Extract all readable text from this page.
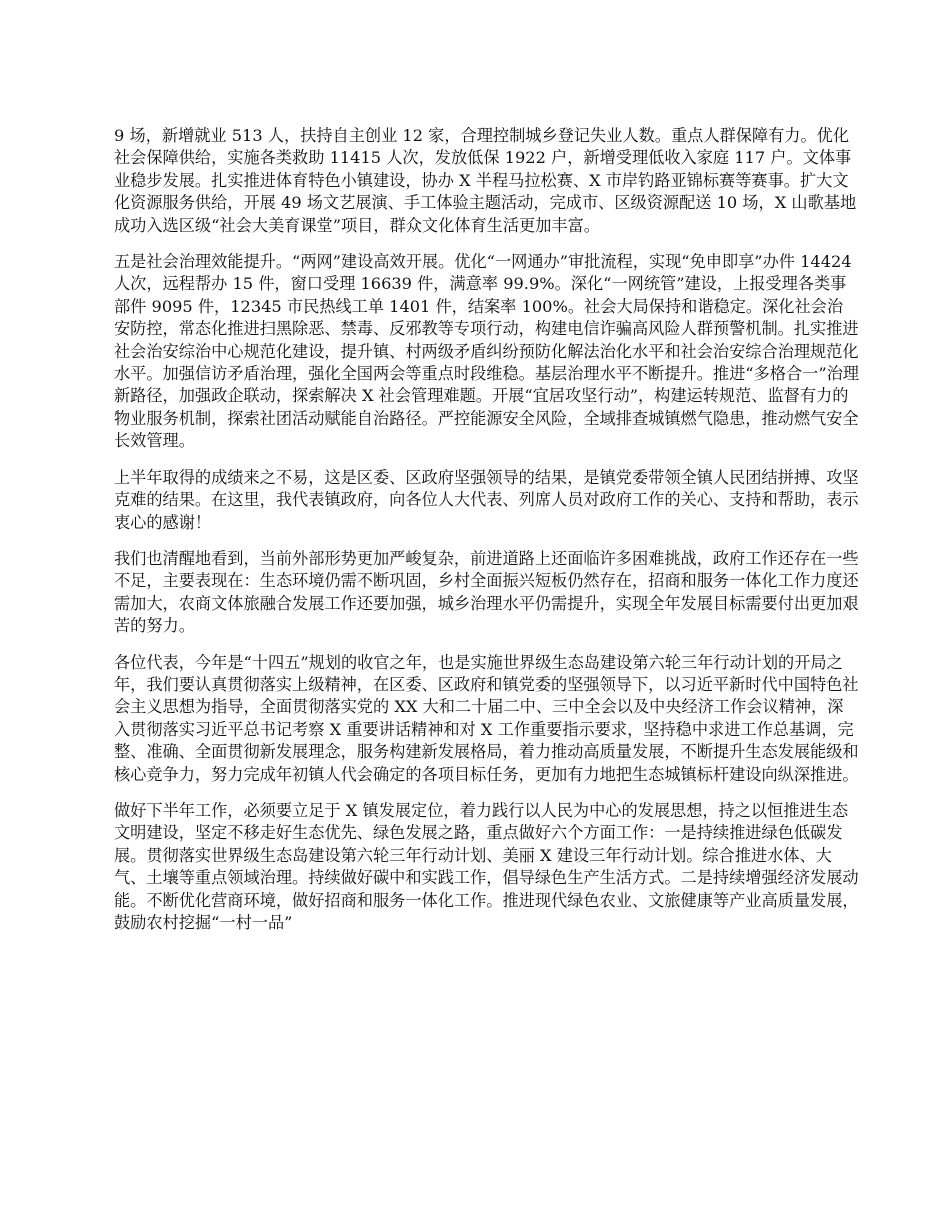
9 场，新增就业 513 人，扶持自主创业 12 家，合理控制城乡登记失业人数。重点人群保障有力。优化社会保障供给，实施各类救助 11415 人次，发放低保 1922 户，新增受理低收入家庭 117 户。文体事业稳步发展。扎实推进体育特色小镇建设，协办 X 半程马拉松赛、X 市岸钓路亚锦标赛等赛事。扩大文化资源服务供给，开展 49 场文艺展演、手工体验主题活动，完成市、区级资源配送 10 场，X 山歌基地成功入选区级“社会大美育课堂”项目，群众文化体育生活更加丰富。

五是社会治理效能提升。“两网”建设高效开展。优化“一网通办”审批流程，实现“免申即享”办件 14424 人次，远程帮办 15 件，窗口受理 16639 件，满意率 99.9%。深化“一网统管”建设，上报受理各类事部件 9095 件，12345 市民热线工单 1401 件，结案率 100%。社会大局保持和谐稳定。深化社会治安防控，常态化推进扫黑除恶、禁毒、反邪教等专项行动，构建电信诈骗高风险人群预警机制。扎实推进社会治安综治中心规范化建设，提升镇、村两级矛盾纠纷预防化解法治化水平和社会治安综合治理规范化水平。加强信访矛盾治理，强化全国两会等重点时段维稳。基层治理水平不断提升。推进“多格合一”治理新路径，加强政企联动，探索解决 X 社会管理难题。开展“宜居攻坚行动”，构建运转规范、监督有力的物业服务机制，探索社团活动赋能自治路径。严控能源安全风险，全域排查城镇燃气隐患，推动燃气安全长效管理。

上半年取得的成绩来之不易，这是区委、区政府坚强领导的结果，是镇党委带领全镇人民团结拼搏、攻坚克难的结果。在这里，我代表镇政府，向各位人大代表、列席人员对政府工作的关心、支持和帮助，表示衷心的感谢！

我们也清醒地看到，当前外部形势更加严峻复杂，前进道路上还面临许多困难挑战，政府工作还存在一些不足，主要表现在：生态环境仍需不断巩固，乡村全面振兴短板仍然存在，招商和服务一体化工作力度还需加大，农商文体旅融合发展工作还要加强，城乡治理水平仍需提升，实现全年发展目标需要付出更加艰苦的努力。

各位代表，今年是“十四五”规划的收官之年，也是实施世界级生态岛建设第六轮三年行动计划的开局之年，我们要认真贯彻落实上级精神，在区委、区政府和镇党委的坚强领导下，以习近平新时代中国特色社会主义思想为指导，全面贯彻落实党的 XX 大和二十届二中、三中全会以及中央经济工作会议精神，深入贯彻落实习近平总书记考察 X 重要讲话精神和对 X 工作重要指示要求，坚持稳中求进工作总基调，完整、准确、全面贯彻新发展理念，服务构建新发展格局，着力推动高质量发展，不断提升生态发展能级和核心竞争力，努力完成年初镇人代会确定的各项目标任务，更加有力地把生态城镇标杆建设向纵深推进。

做好下半年工作，必须要立足于 X 镇发展定位，着力践行以人民为中心的发展思想，持之以恒推进生态文明建设，坚定不移走好生态优先、绿色发展之路，重点做好六个方面工作：一是持续推进绿色低碳发展。贯彻落实世界级生态岛建设第六轮三年行动计划、美丽 X 建设三年行动计划。综合推进水体、大气、土壤等重点领域治理。持续做好碳中和实践工作，倡导绿色生产生活方式。二是持续增强经济发展动能。不断优化营商环境，做好招商和服务一体化工作。推进现代绿色农业、文旅健康等产业高质量发展，鼓励农村挖掘“一村一品”
